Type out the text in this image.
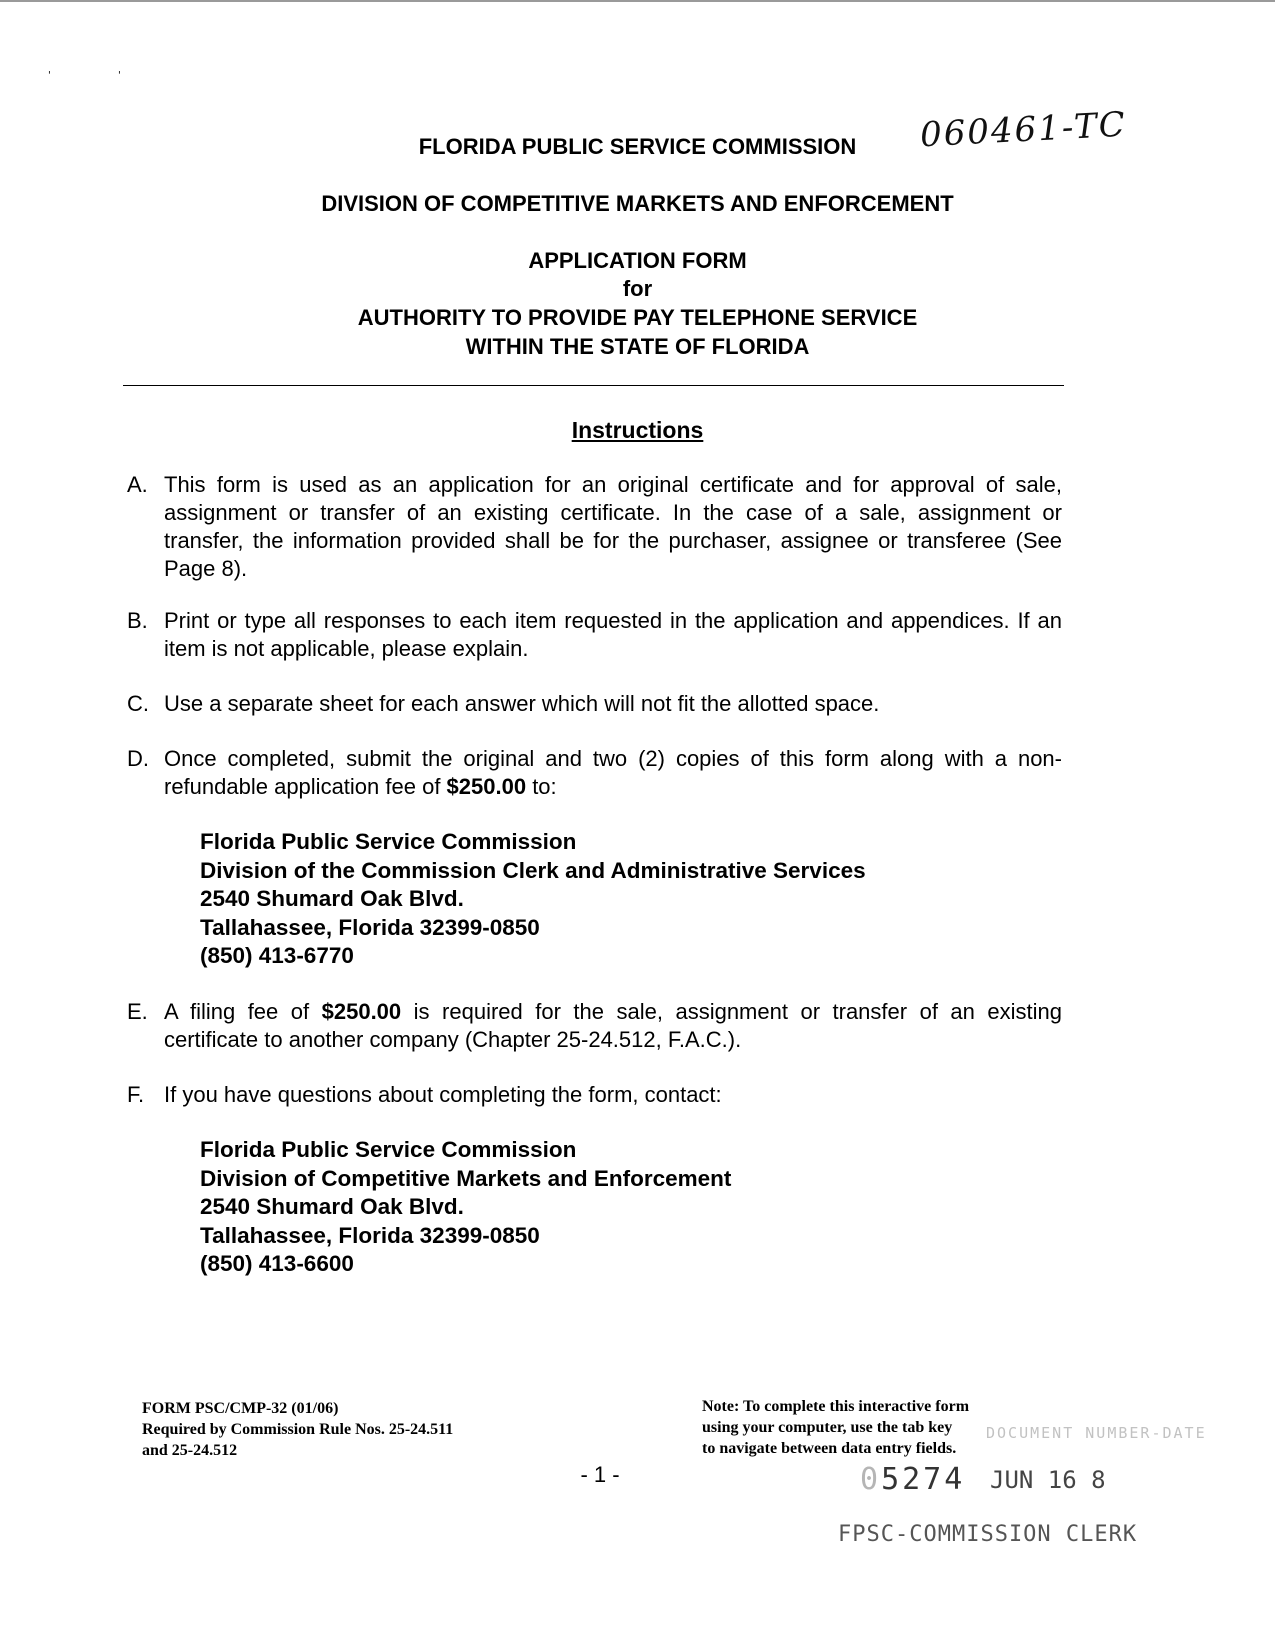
'	'
060461-TC
FLORIDA PUBLIC SERVICE COMMISSION
DIVISION OF COMPETITIVE MARKETS AND ENFORCEMENT
APPLICATION FORM
for
AUTHORITY TO PROVIDE PAY TELEPHONE SERVICE
WITHIN THE STATE OF FLORIDA
Instructions
A. This form is used as an application for an original certificate and for approval of sale, assignment or transfer of an existing certificate. In the case of a sale, assignment or transfer, the information provided shall be for the purchaser, assignee or transferee (See Page 8).
B. Print or type all responses to each item requested in the application and appendices. If an item is not applicable, please explain.
C. Use a separate sheet for each answer which will not fit the allotted space.
D. Once completed, submit the original and two (2) copies of this form along with a non-refundable application fee of $250.00 to:
Florida Public Service Commission
Division of the Commission Clerk and Administrative Services
2540 Shumard Oak Blvd.
Tallahassee, Florida 32399-0850
(850) 413-6770
E. A filing fee of $250.00 is required for the sale, assignment or transfer of an existing certificate to another company (Chapter 25-24.512, F.A.C.).
F. If you have questions about completing the form, contact:
Florida Public Service Commission
Division of Competitive Markets and Enforcement
2540 Shumard Oak Blvd.
Tallahassee, Florida 32399-0850
(850) 413-6600
FORM PSC/CMP-32 (01/06)
Required by Commission Rule Nos. 25-24.511
and 25-24.512
Note: To complete this interactive form
using your computer, use the tab key
to navigate between data entry fields.
- 1 -
DOCUMENT NUMBER-DATE
05274 JUN 16 8
FPSC-COMMISSION CLERK
